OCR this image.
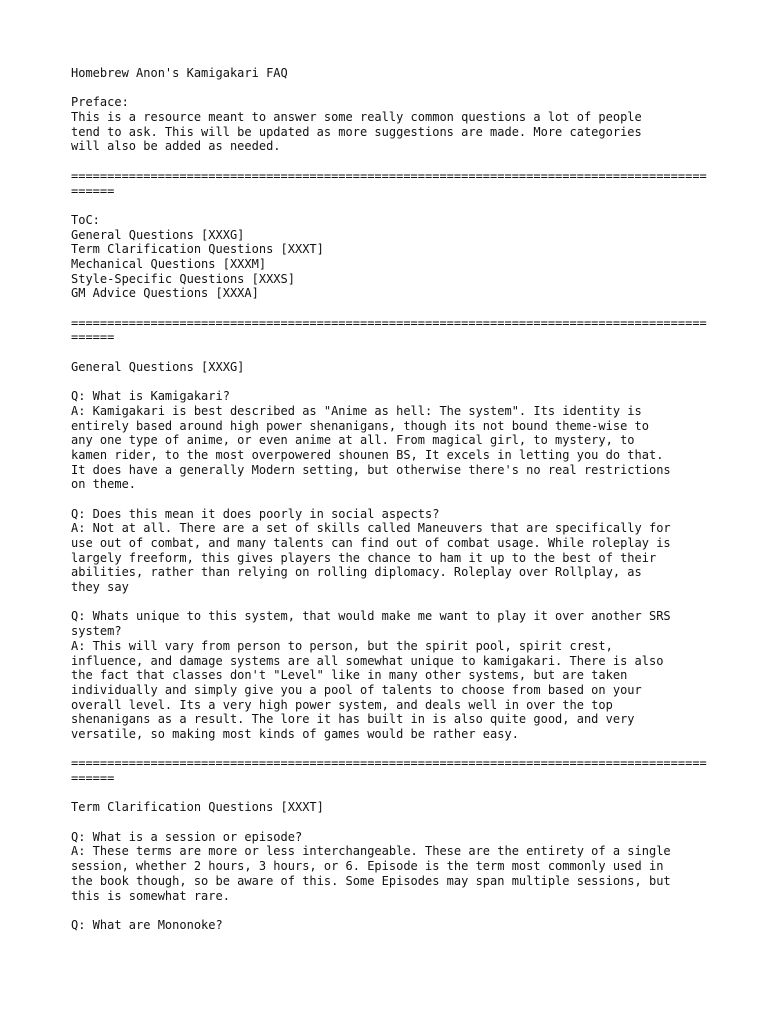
Homebrew Anon's Kamigakari FAQ
Preface:
This is a resource meant to answer some really common questions a lot of people
tend to ask. This will be updated as more suggestions are made. More categories
will also be added as needed.
========================================================================================
======
ToC:
General Questions [XXXG]
Term Clarification Questions [XXXT]
Mechanical Questions [XXXM]
Style-Specific Questions [XXXS]
GM Advice Questions [XXXA]
========================================================================================
======
General Questions [XXXG]
Q: What is Kamigakari?
A: Kamigakari is best described as "Anime as hell: The system". Its identity is
entirely based around high power shenanigans, though its not bound theme-wise to
any one type of anime, or even anime at all. From magical girl, to mystery, to
kamen rider, to the most overpowered shounen BS, It excels in letting you do that.
It does have a generally Modern setting, but otherwise there's no real restrictions
on theme.
Q: Does this mean it does poorly in social aspects?
A: Not at all. There are a set of skills called Maneuvers that are specifically for
use out of combat, and many talents can find out of combat usage. While roleplay is
largely freeform, this gives players the chance to ham it up to the best of their
abilities, rather than relying on rolling diplomacy. Roleplay over Rollplay, as
they say
Q: Whats unique to this system, that would make me want to play it over another SRS
system?
A: This will vary from person to person, but the spirit pool, spirit crest,
influence, and damage systems are all somewhat unique to kamigakari. There is also
the fact that classes don't "Level" like in many other systems, but are taken
individually and simply give you a pool of talents to choose from based on your
overall level. Its a very high power system, and deals well in over the top
shenanigans as a result. The lore it has built in is also quite good, and very
versatile, so making most kinds of games would be rather easy.
========================================================================================
======
Term Clarification Questions [XXXT]
Q: What is a session or episode?
A: These terms are more or less interchangeable. These are the entirety of a single
session, whether 2 hours, 3 hours, or 6. Episode is the term most commonly used in
the book though, so be aware of this. Some Episodes may span multiple sessions, but
this is somewhat rare.
Q: What are Mononoke?
